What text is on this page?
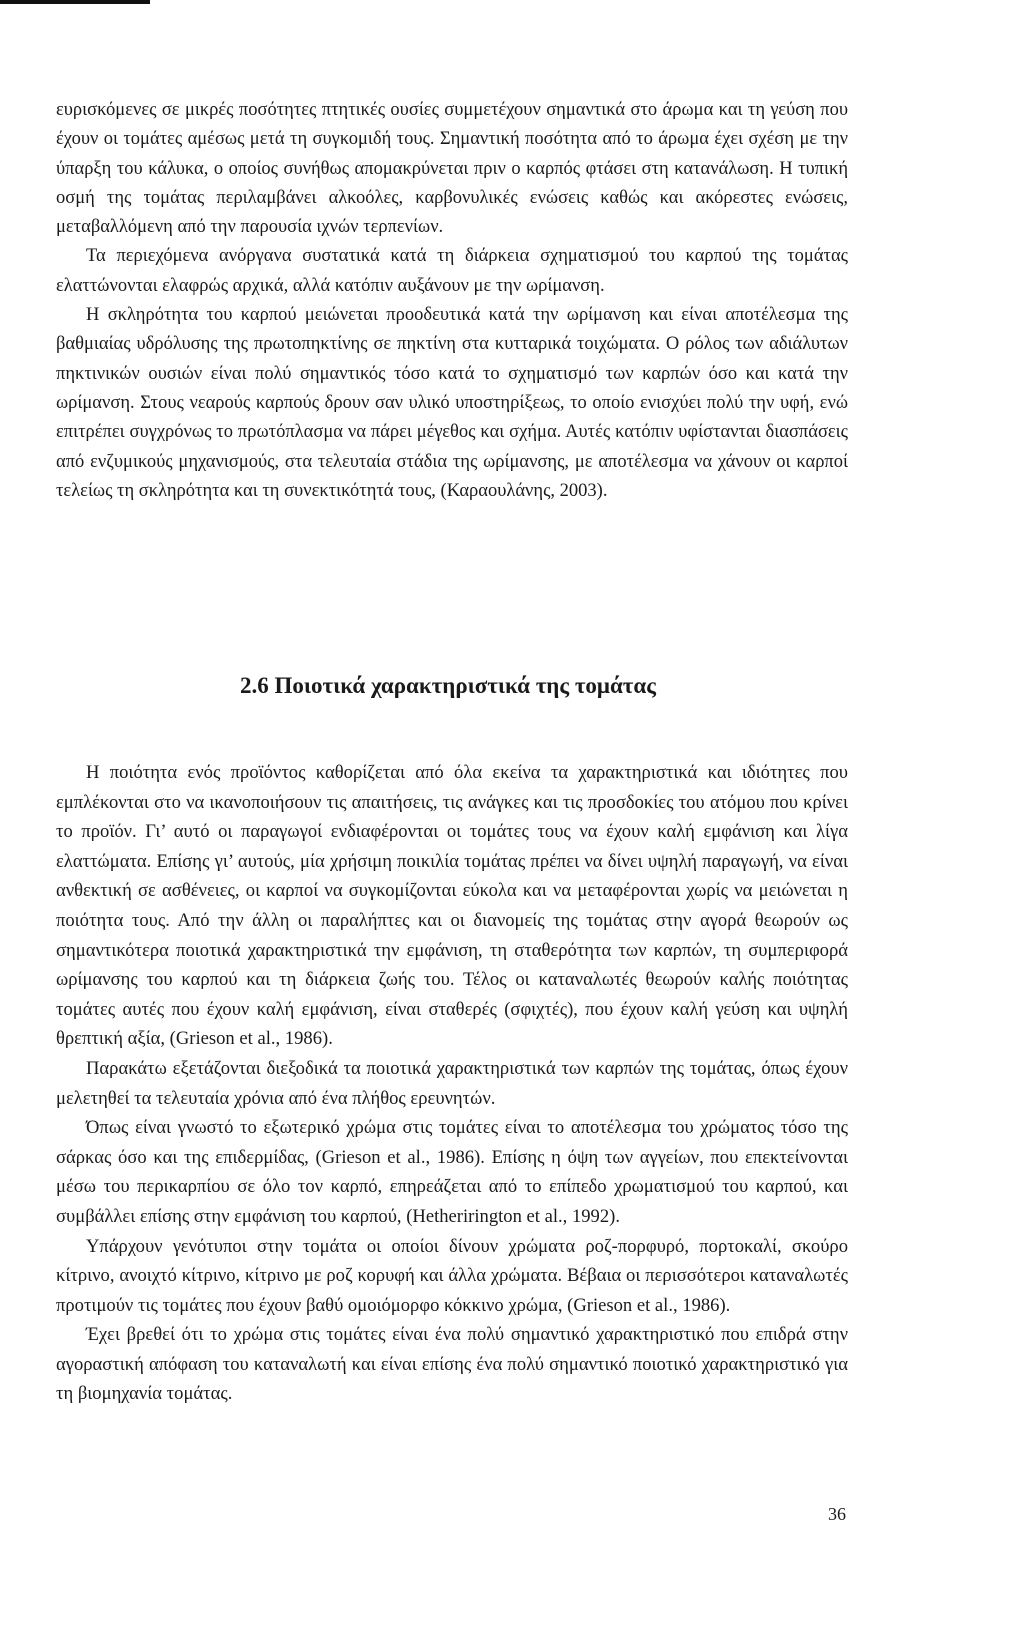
ευρισκόμενες σε μικρές ποσότητες πτητικές ουσίες συμμετέχουν σημαντικά στο άρωμα και τη γεύση που έχουν οι τομάτες αμέσως μετά τη συγκομιδή τους. Σημαντική ποσότητα από το άρωμα έχει σχέση με την ύπαρξη του κάλυκα, ο οποίος συνήθως απομακρύνεται πριν ο καρπός φτάσει στη κατανάλωση. Η τυπική οσμή της τομάτας περιλαμβάνει αλκοόλες, καρβονυλικές ενώσεις καθώς και ακόρεστες ενώσεις, μεταβαλλόμενη από την παρουσία ιχνών τερπενίων.

Τα περιεχόμενα ανόργανα συστατικά κατά τη διάρκεια σχηματισμού του καρπού της τομάτας ελαττώνονται ελαφρώς αρχικά, αλλά κατόπιν αυξάνουν με την ωρίμανση.

Η σκληρότητα του καρπού μειώνεται προοδευτικά κατά την ωρίμανση και είναι αποτέλεσμα της βαθμιαίας υδρόλυσης της πρωτοπηκτίνης σε πηκτίνη στα κυτταρικά τοιχώματα. Ο ρόλος των αδιάλυτων πηκτινικών ουσιών είναι πολύ σημαντικός τόσο κατά το σχηματισμό των καρπών όσο και κατά την ωρίμανση. Στους νεαρούς καρπούς δρουν σαν υλικό υποστηρίξεως, το οποίο ενισχύει πολύ την υφή, ενώ επιτρέπει συγχρόνως το πρωτόπλασμα να πάρει μέγεθος και σχήμα. Αυτές κατόπιν υφίστανται διασπάσεις από ενζυμικούς μηχανισμούς, στα τελευταία στάδια της ωρίμανσης, με αποτέλεσμα να χάνουν οι καρποί τελείως τη σκληρότητα και τη συνεκτικότητά τους, (Καραουλάνης, 2003).

2.6 Ποιοτικά χαρακτηριστικά της τομάτας

Η ποιότητα ενός προϊόντος καθορίζεται από όλα εκείνα τα χαρακτηριστικά και ιδιότητες που εμπλέκονται στο να ικανοποιήσουν τις απαιτήσεις, τις ανάγκες και τις προσδοκίες του ατόμου που κρίνει το προϊόν. Γι’ αυτό οι παραγωγοί ενδιαφέρονται οι τομάτες τους να έχουν καλή εμφάνιση και λίγα ελαττώματα. Επίσης γι’ αυτούς, μία χρήσιμη ποικιλία τομάτας πρέπει να δίνει υψηλή παραγωγή, να είναι ανθεκτική σε ασθένειες, οι καρποί να συγκομίζονται εύκολα και να μεταφέρονται χωρίς να μειώνεται η ποιότητα τους. Από την άλλη οι παραλήπτες και οι διανομείς της τομάτας στην αγορά θεωρούν ως σημαντικότερα ποιοτικά χαρακτηριστικά την εμφάνιση, τη σταθερότητα των καρπών, τη συμπεριφορά ωρίμανσης του καρπού και τη διάρκεια ζωής του. Τέλος οι καταναλωτές θεωρούν καλής ποιότητας τομάτες αυτές που έχουν καλή εμφάνιση, είναι σταθερές (σφιχτές), που έχουν καλή γεύση και υψηλή θρεπτική αξία, (Grieson et al., 1986).

Παρακάτω εξετάζονται διεξοδικά τα ποιοτικά χαρακτηριστικά των καρπών της τομάτας, όπως έχουν μελετηθεί τα τελευταία χρόνια από ένα πλήθος ερευνητών.

Όπως είναι γνωστό το εξωτερικό χρώμα στις τομάτες είναι το αποτέλεσμα του χρώματος τόσο της σάρκας όσο και της επιδερμίδας, (Grieson et al., 1986). Επίσης η όψη των αγγείων, που επεκτείνονται μέσω του περικαρπίου σε όλο τον καρπό, επηρεάζεται από το επίπεδο χρωματισμού του καρπού, και συμβάλλει επίσης στην εμφάνιση του καρπού, (Hetheriringtοn et al., 1992).

Υπάρχουν γενότυποι στην τομάτα οι οποίοι δίνουν χρώματα ροζ-πορφυρό, πορτοκαλί, σκούρο κίτρινο, ανοιχτό κίτρινο, κίτρινο με ροζ κορυφή και άλλα χρώματα. Βέβαια οι περισσότεροι καταναλωτές προτιμούν τις τομάτες που έχουν βαθύ ομοιόμορφο κόκκινο χρώμα, (Grieson et al., 1986).

Έχει βρεθεί ότι το χρώμα στις τομάτες είναι ένα πολύ σημαντικό χαρακτηριστικό που επιδρά στην αγοραστική απόφαση του καταναλωτή και είναι επίσης ένα πολύ σημαντικό ποιοτικό χαρακτηριστικό για τη βιομηχανία τομάτας.

36
